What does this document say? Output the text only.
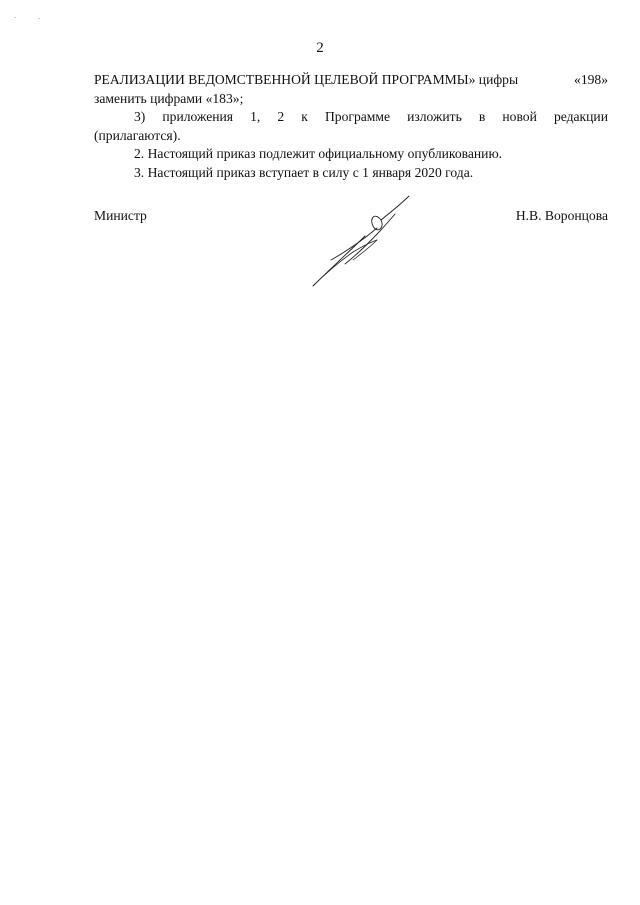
2
РЕАЛИЗАЦИИ ВЕДОМСТВЕННОЙ ЦЕЛЕВОЙ ПРОГРАММЫ» цифры	«198»
заменить цифрами «183»;
3) приложения 1, 2 к Программе изложить в новой редакции
(прилагаются).
2. Настоящий приказ подлежит официальному опубликованию.
3. Настоящий приказ вступает в силу с 1 января 2020 года.
Министр	Н.В. Воронцова
